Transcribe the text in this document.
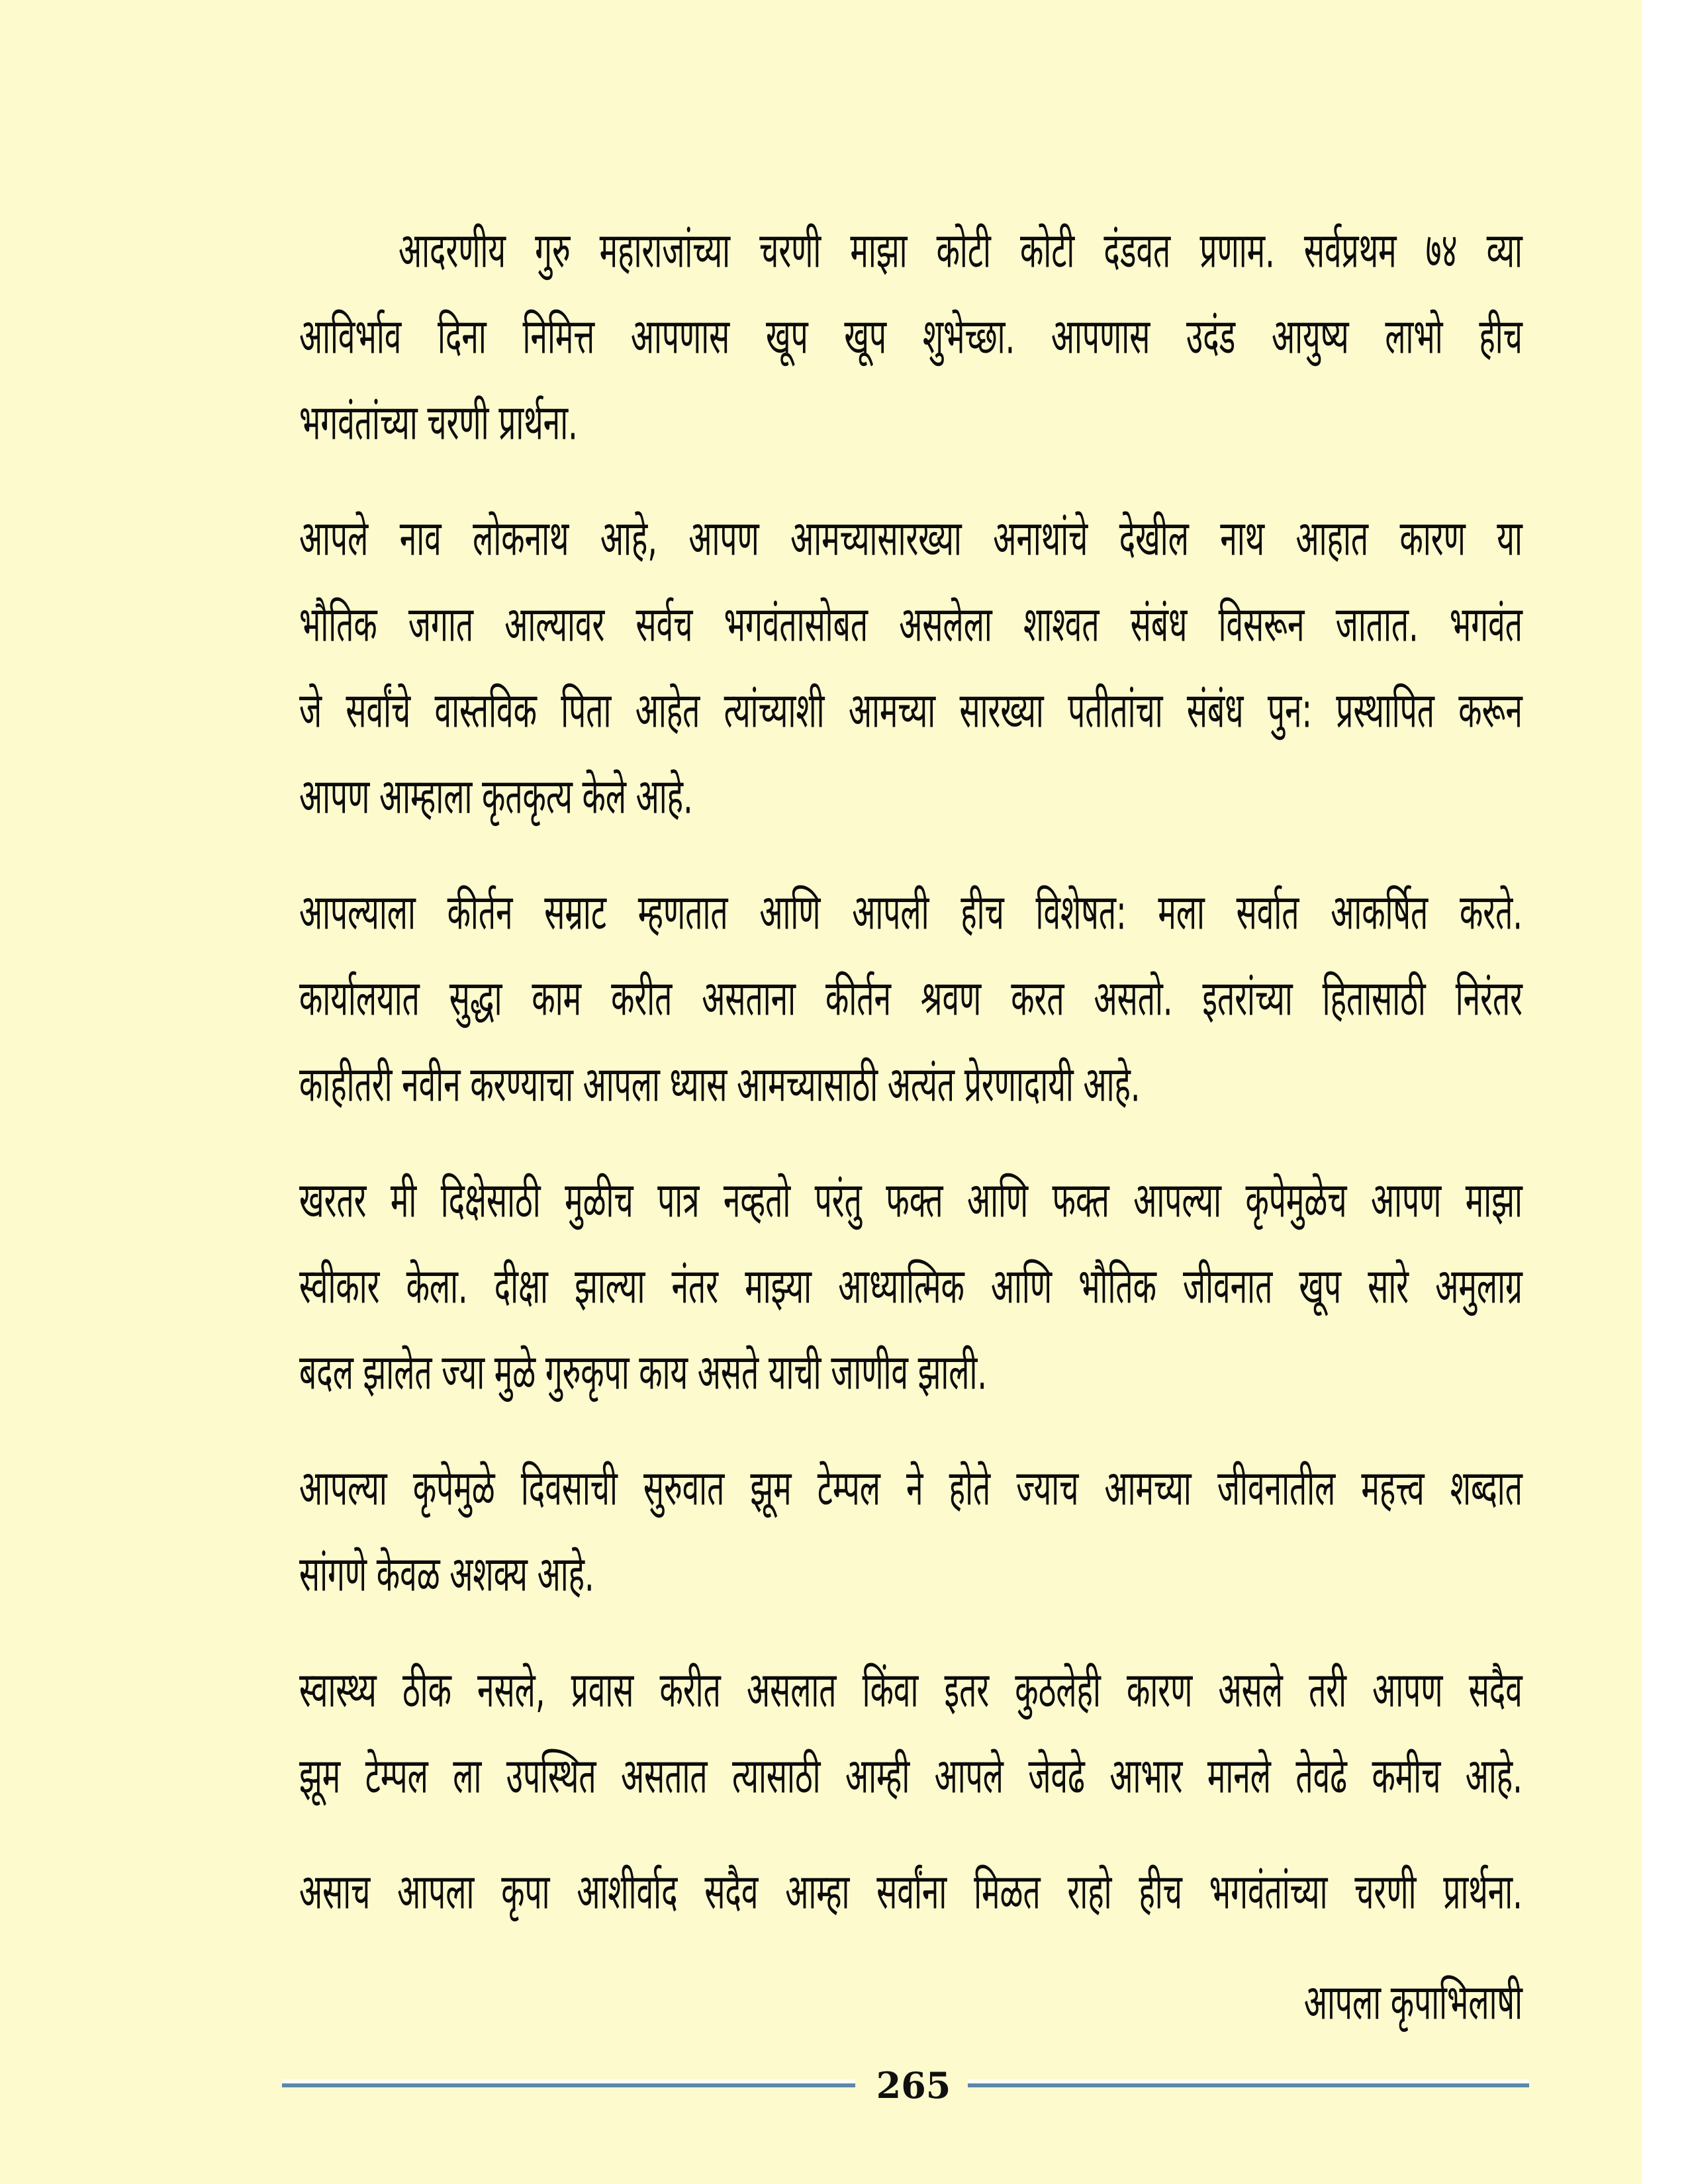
आदरणीय गुरु महाराजांच्या चरणी माझा कोटी कोटी दंडवत प्रणाम. सर्वप्रथम ७४ व्या
आविर्भाव दिना निमित्त आपणास खूप खूप शुभेच्छा. आपणास उदंड आयुष्य लाभो हीच
भगवंतांच्या चरणी प्रार्थना.
आपले नाव लोकनाथ आहे, आपण आमच्यासारख्या अनाथांचे देखील नाथ आहात कारण या
भौतिक जगात आल्यावर सर्वच भगवंतासोबत असलेला शाश्वत संबंध विसरून जातात. भगवंत
जे सर्वांचे वास्तविक पिता आहेत त्यांच्याशी आमच्या सारख्या पतीतांचा संबंध पुन: प्रस्थापित करून
आपण आम्हाला कृतकृत्य केले आहे.
आपल्याला कीर्तन सम्राट म्हणतात आणि आपली हीच विशेषत: मला सर्वात आकर्षित करते.
कार्यालयात सुद्धा काम करीत असताना कीर्तन श्रवण करत असतो. इतरांच्या हितासाठी निरंतर
काहीतरी नवीन करण्याचा आपला ध्यास आमच्यासाठी अत्यंत प्रेरणादायी आहे.
खरतर मी दिक्षेसाठी मुळीच पात्र नव्हतो परंतु फक्त आणि फक्त आपल्या कृपेमुळेच आपण माझा
स्वीकार केला. दीक्षा झाल्या नंतर माझ्या आध्यात्मिक आणि भौतिक जीवनात खूप सारे अमुलाग्र
बदल झालेत ज्या मुळे गुरुकृपा काय असते याची जाणीव झाली.
आपल्या कृपेमुळे दिवसाची सुरुवात झूम टेम्पल ने होते ज्याच आमच्या जीवनातील महत्त्व शब्दात
सांगणे केवळ अशक्य आहे.
स्वास्थ्य ठीक नसले, प्रवास करीत असलात किंवा इतर कुठलेही कारण असले तरी आपण सदैव
झूम टेम्पल ला उपस्थित असतात त्यासाठी आम्ही आपले जेवढे आभार मानले तेवढे कमीच आहे.
असाच आपला कृपा आशीर्वाद सदैव आम्हा सर्वांना मिळत राहो हीच भगवंतांच्या चरणी प्रार्थना.
आपला कृपाभिलाषी
265
